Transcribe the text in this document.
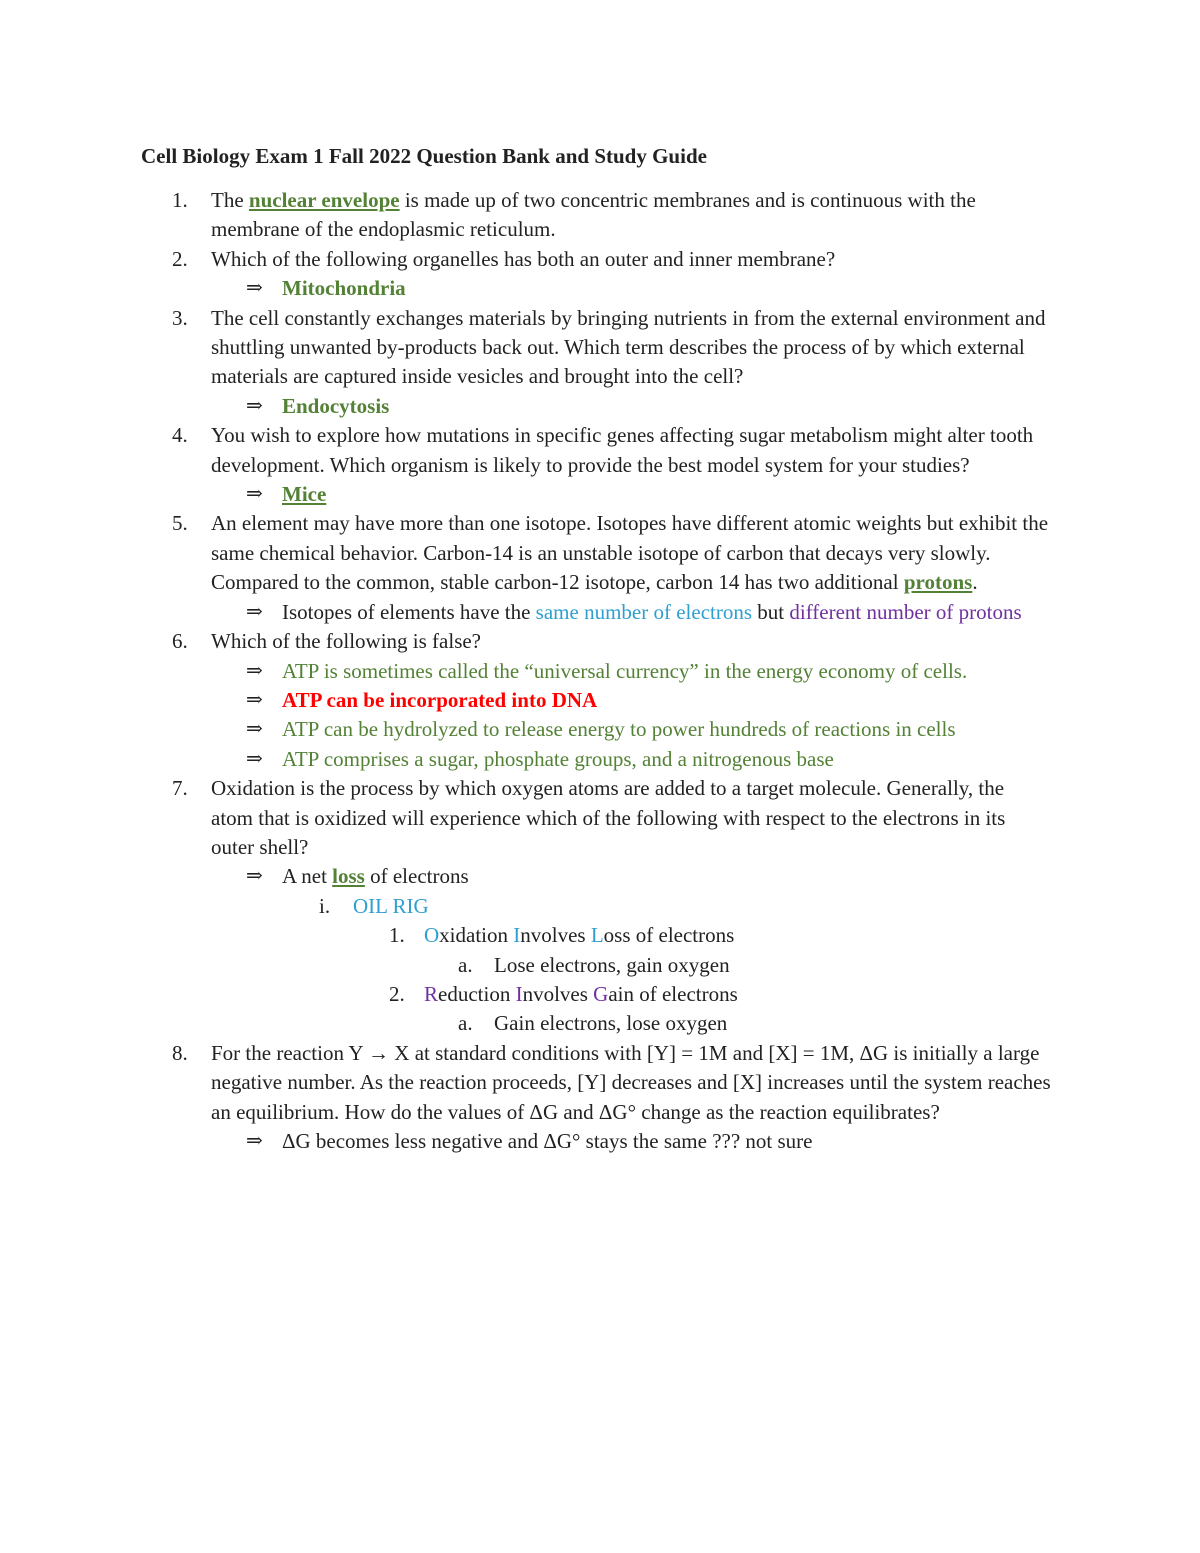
Cell Biology Exam 1 Fall 2022 Question Bank and Study Guide
1. The nuclear envelope is made up of two concentric membranes and is continuous with the membrane of the endoplasmic reticulum.
2. Which of the following organelles has both an outer and inner membrane?
⇒ Mitochondria
3. The cell constantly exchanges materials by bringing nutrients in from the external environment and shuttling unwanted by-products back out. Which term describes the process of by which external materials are captured inside vesicles and brought into the cell?
⇒ Endocytosis
4. You wish to explore how mutations in specific genes affecting sugar metabolism might alter tooth development. Which organism is likely to provide the best model system for your studies?
⇒ Mice
5. An element may have more than one isotope. Isotopes have different atomic weights but exhibit the same chemical behavior. Carbon-14 is an unstable isotope of carbon that decays very slowly. Compared to the common, stable carbon-12 isotope, carbon 14 has two additional protons.
⇒ Isotopes of elements have the same number of electrons but different number of protons
6. Which of the following is false?
⇒ ATP is sometimes called the “universal currency” in the energy economy of cells.
⇒ ATP can be incorporated into DNA
⇒ ATP can be hydrolyzed to release energy to power hundreds of reactions in cells
⇒ ATP comprises a sugar, phosphate groups, and a nitrogenous base
7. Oxidation is the process by which oxygen atoms are added to a target molecule. Generally, the atom that is oxidized will experience which of the following with respect to the electrons in its outer shell?
⇒ A net loss of electrons
i. OIL RIG
1. Oxidation Involves Loss of electrons
a. Lose electrons, gain oxygen
2. Reduction Involves Gain of electrons
a. Gain electrons, lose oxygen
8. For the reaction Y → X at standard conditions with [Y] = 1M and [X] = 1M, ΔG is initially a large negative number. As the reaction proceeds, [Y] decreases and [X] increases until the system reaches an equilibrium. How do the values of ΔG and ΔG° change as the reaction equilibrates?
⇒ ΔG becomes less negative and ΔG° stays the same ??? not sure
